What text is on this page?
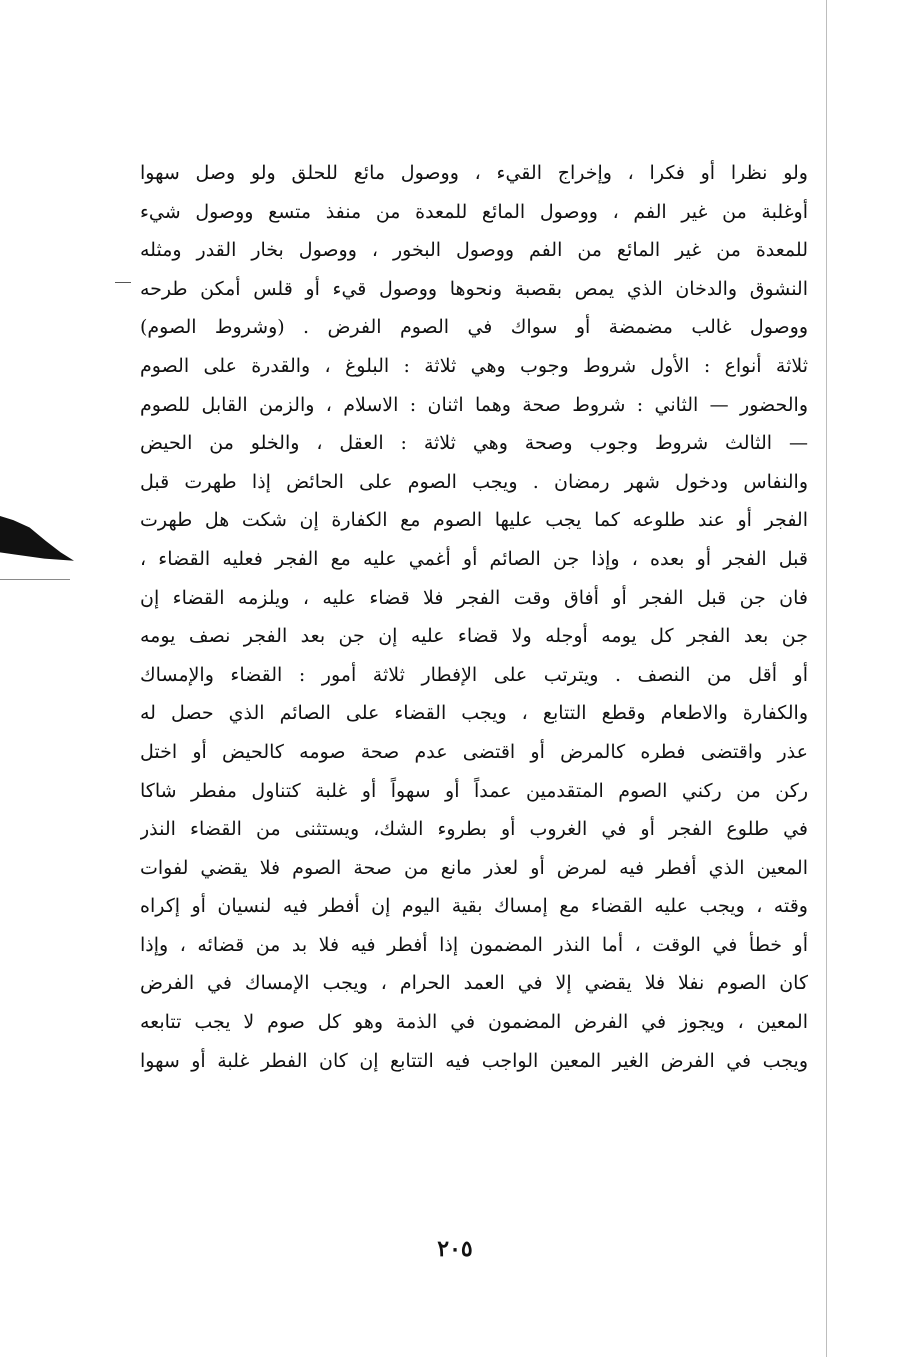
ولو نظرا أو فكرا ، وإخراج القيء ، ووصول مائع للحلق ولو وصل سهوا
أوغلبة من غير الفم ، ووصول المائع للمعدة من منفذ متسع ووصول شيء
للمعدة من غير المائع من الفم ووصول البخور ، ووصول بخار القدر ومثله
النشوق والدخان الذي يمص بقصبة ونحوها ووصول قيء أو قلس أمكن طرحه
ووصول غالب مضمضة أو سواك في الصوم الفرض . (وشروط الصوم)
ثلاثة أنواع : الأول شروط وجوب وهي ثلاثة : البلوغ ، والقدرة على الصوم
والحضور — الثاني : شروط صحة وهما اثنان : الاسلام ، والزمن القابل للصوم
— الثالث شروط وجوب وصحة وهي ثلاثة : العقل ، والخلو من الحيض
والنفاس ودخول شهر رمضان . ويجب الصوم على الحائض إذا طهرت قبل
الفجر أو عند طلوعه كما يجب عليها الصوم مع الكفارة إن شكت هل طهرت
قبل الفجر أو بعده ، وإذا جن الصائم أو أغمي عليه مع الفجر فعليه القضاء ،
فان جن قبل الفجر أو أفاق وقت الفجر فلا قضاء عليه ، ويلزمه القضاء إن
جن بعد الفجر كل يومه أوجله ولا قضاء عليه إن جن بعد الفجر نصف يومه
أو أقل من النصف . ويترتب على الإفطار ثلاثة أمور : القضاء والإمساك
والكفارة والاطعام وقطع التتابع ، ويجب القضاء على الصائم الذي حصل له
عذر واقتضى فطره كالمرض أو اقتضى عدم صحة صومه كالحيض أو اختل
ركن من ركني الصوم المتقدمين عمداً أو سهواً أو غلبة كتناول مفطر شاكا
في طلوع الفجر أو في الغروب أو بطروء الشك، ويستثنى من القضاء النذر
المعين الذي أفطر فيه لمرض أو لعذر مانع من صحة الصوم فلا يقضي لفوات
وقته ، ويجب عليه القضاء مع إمساك بقية اليوم إن أفطر فيه لنسيان أو إكراه
أو خطأ في الوقت ، أما النذر المضمون إذا أفطر فيه فلا بد من قضائه ، وإذا
كان الصوم نفلا فلا يقضي إلا في العمد الحرام ، ويجب الإمساك في الفرض
المعين ، ويجوز في الفرض المضمون في الذمة وهو كل صوم لا يجب تتابعه
ويجب في الفرض الغير المعين الواجب فيه التتابع إن كان الفطر غلبة أو سهوا
٢٠٥
